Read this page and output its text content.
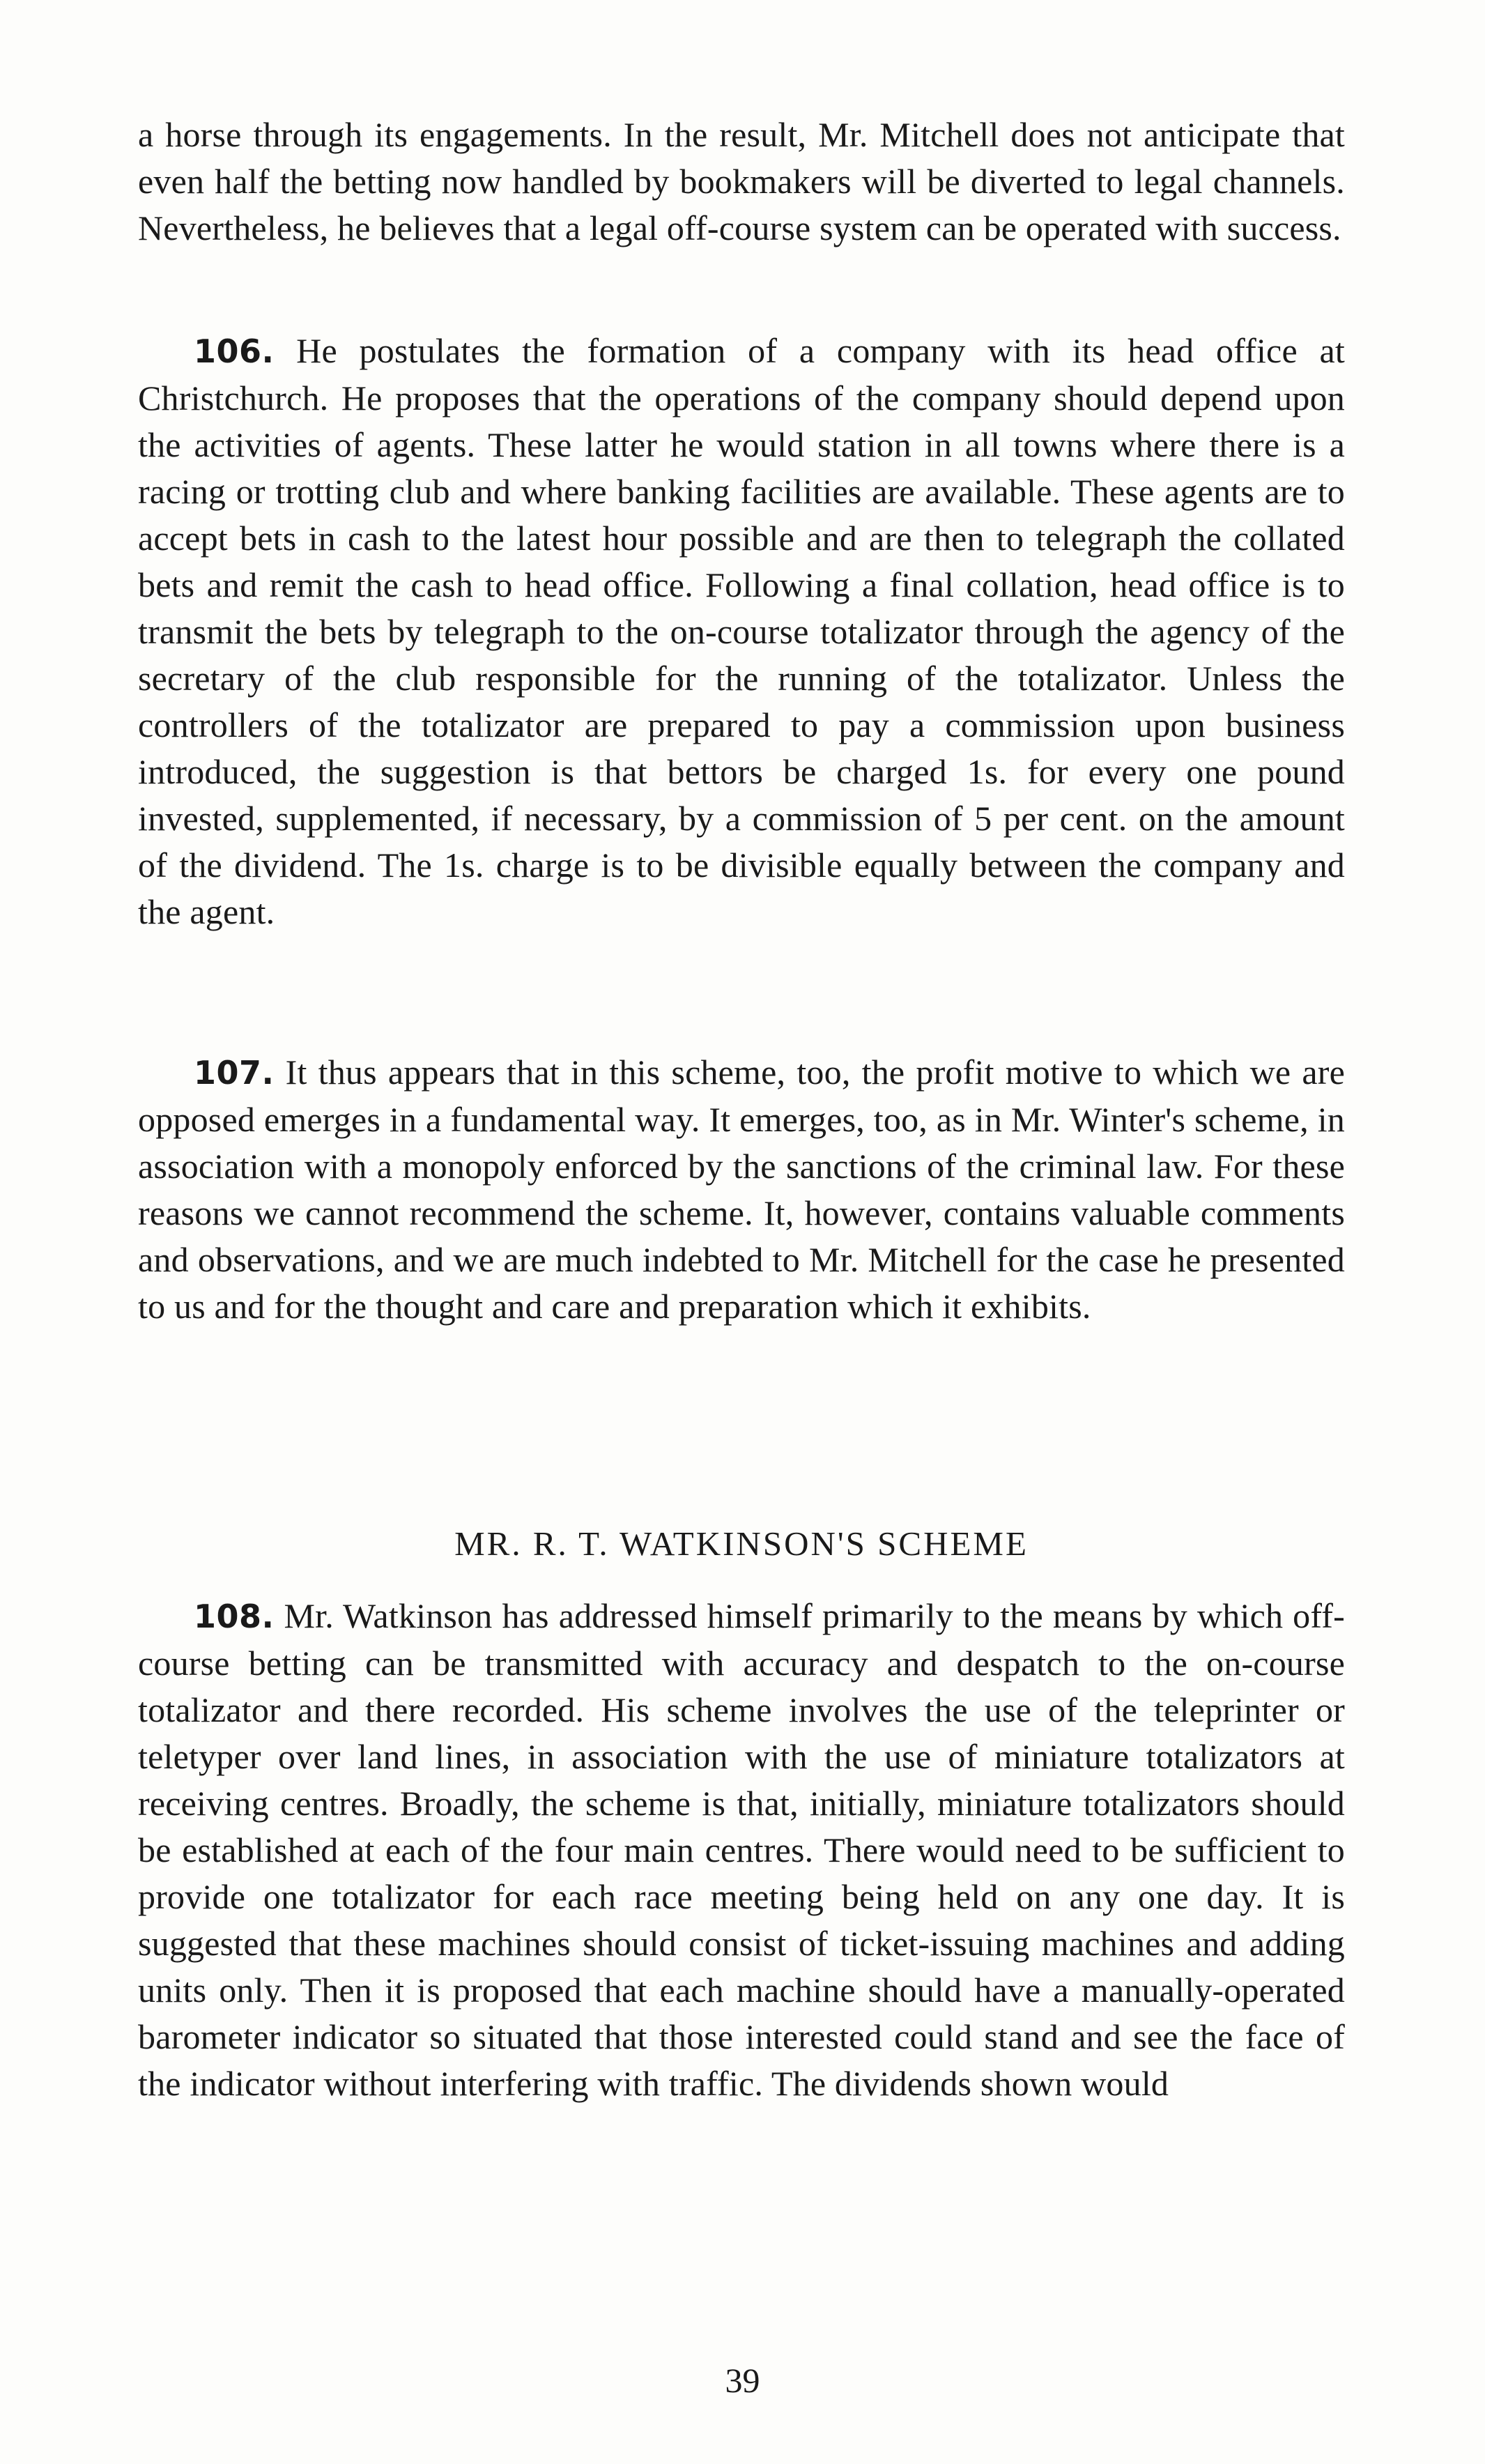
a horse through its engagements. In the result, Mr. Mitchell does not anticipate that even half the betting now handled by bookmakers will be diverted to legal channels. Nevertheless, he believes that a legal off-course system can be operated with success.

106. He postulates the formation of a company with its head office at Christchurch. He proposes that the operations of the company should depend upon the activities of agents. These latter he would station in all towns where there is a racing or trotting club and where banking facilities are available. These agents are to accept bets in cash to the latest hour possible and are then to telegraph the collated bets and remit the cash to head office. Following a final collation, head office is to transmit the bets by telegraph to the on-course totalizator through the agency of the secretary of the club responsible for the running of the totalizator. Unless the controllers of the totalizator are prepared to pay a commission upon business introduced, the suggestion is that bettors be charged 1s. for every one pound invested, supplemented, if necessary, by a commission of 5 per cent. on the amount of the dividend. The 1s. charge is to be divisible equally between the company and the agent.

107. It thus appears that in this scheme, too, the profit motive to which we are opposed emerges in a fundamental way. It emerges, too, as in Mr. Winter's scheme, in association with a monopoly enforced by the sanctions of the criminal law. For these reasons we cannot recommend the scheme. It, however, contains valuable comments and observations, and we are much indebted to Mr. Mitchell for the case he presented to us and for the thought and care and preparation which it exhibits.

MR. R. T. WATKINSON'S SCHEME

108. Mr. Watkinson has addressed himself primarily to the means by which off-course betting can be transmitted with accuracy and despatch to the on-course totalizator and there recorded. His scheme involves the use of the teleprinter or teletyper over land lines, in association with the use of miniature totalizators at receiving centres. Broadly, the scheme is that, initially, miniature totalizators should be established at each of the four main centres. There would need to be sufficient to provide one totalizator for each race meeting being held on any one day. It is suggested that these machines should consist of ticket-issuing machines and adding units only. Then it is proposed that each machine should have a manually-operated barometer indicator so situated that those interested could stand and see the face of the indicator without interfering with traffic. The dividends shown would

39
